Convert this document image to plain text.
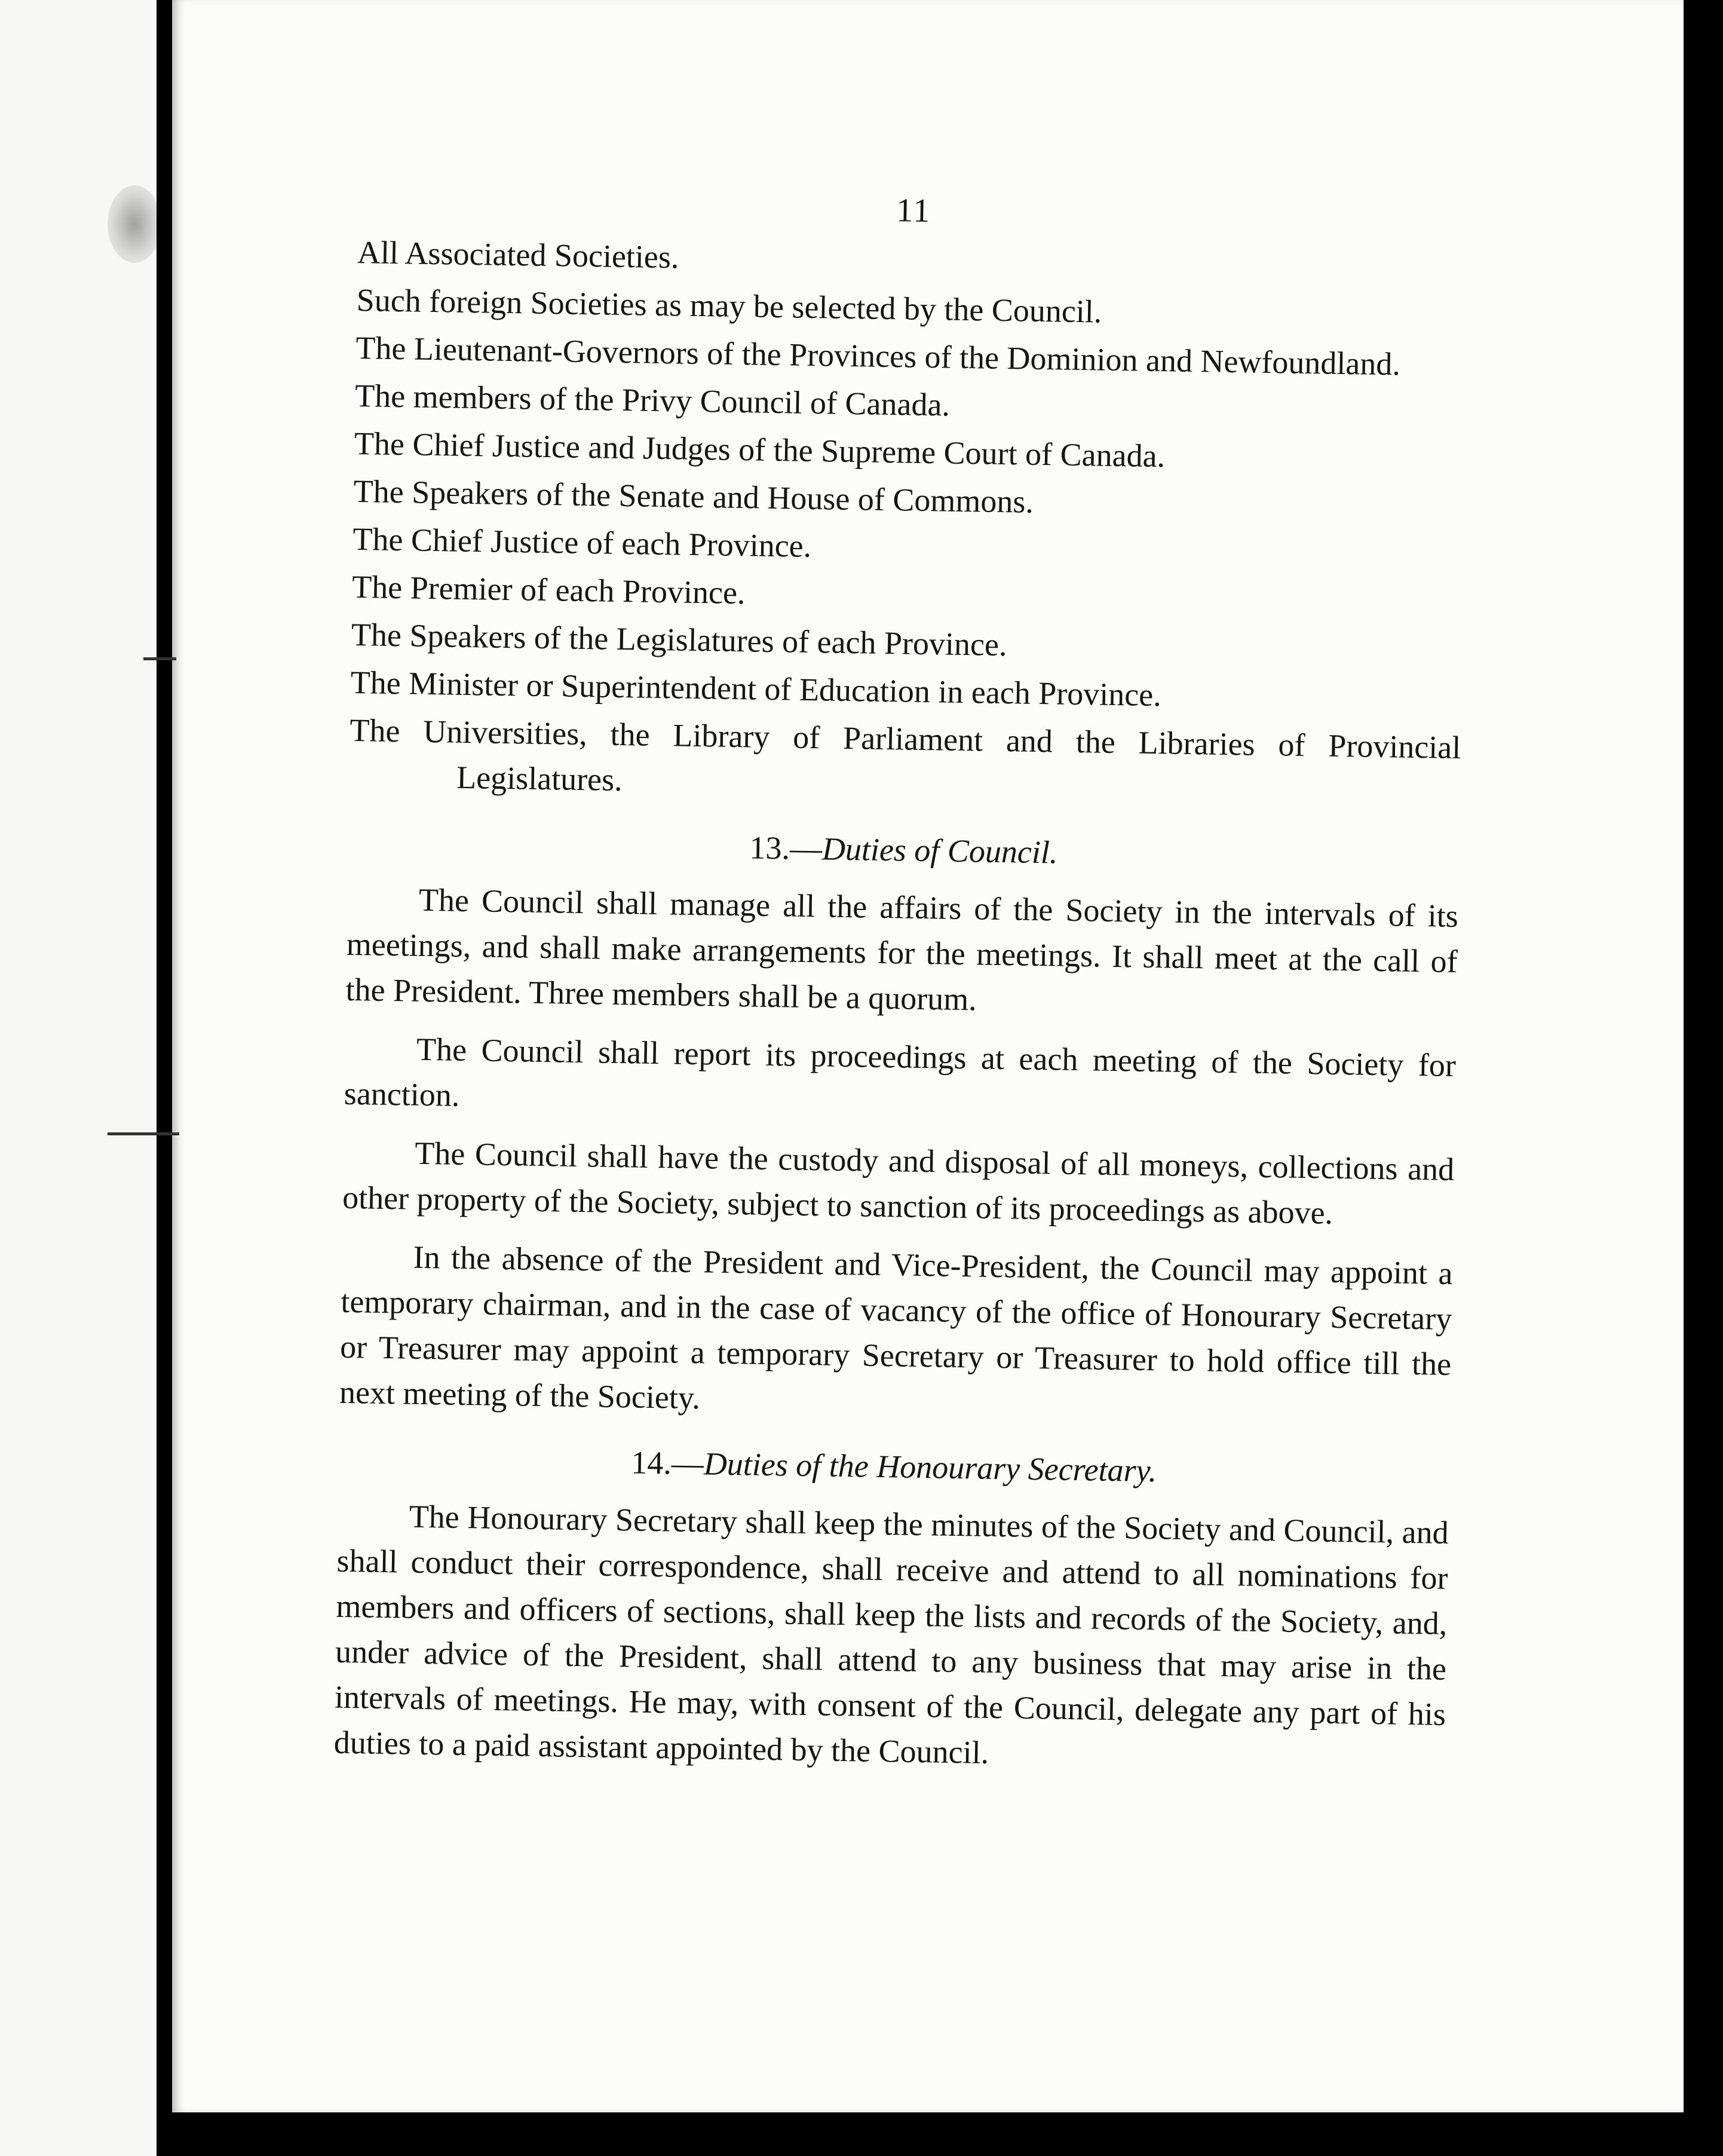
11
All Associated Societies.
Such foreign Societies as may be selected by the Council.
The Lieutenant-Governors of the Provinces of the Dominion and Newfoundland.
The members of the Privy Council of Canada.
The Chief Justice and Judges of the Supreme Court of Canada.
The Speakers of the Senate and House of Commons.
The Chief Justice of each Province.
The Premier of each Province.
The Speakers of the Legislatures of each Province.
The Minister or Superintendent of Education in each Province.
The Universities, the Library of Parliament and the Libraries of Provincial Legislatures.
13.—Duties of Council.

The Council shall manage all the affairs of the Society in the intervals of its meetings, and shall make arrangements for the meetings. It shall meet at the call of the President. Three members shall be a quorum.

The Council shall report its proceedings at each meeting of the Society for sanction.

The Council shall have the custody and disposal of all moneys, collections and other property of the Society, subject to sanction of its proceedings as above.

In the absence of the President and Vice-President, the Council may appoint a temporary chairman, and in the case of vacancy of the office of Honourary Secretary or Treasurer may appoint a temporary Secretary or Treasurer to hold office till the next meeting of the Society.

14.—Duties of the Honourary Secretary.

The Honourary Secretary shall keep the minutes of the Society and Council, and shall conduct their correspondence, shall receive and attend to all nominations for members and officers of sections, shall keep the lists and records of the Society, and, under advice of the President, shall attend to any business that may arise in the intervals of meetings. He may, with consent of the Council, delegate any part of his duties to a paid assistant appointed by the Council.
